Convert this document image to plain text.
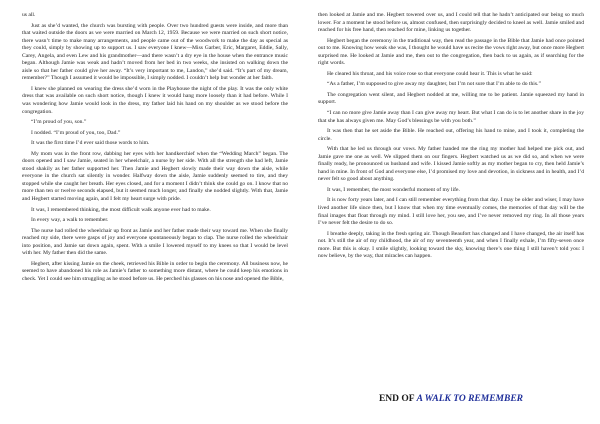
us all.

Just as she’d wanted, the church was bursting with people. Over two hundred guests were inside, and more than that waited outside the doors as we were married on March 12, 1959. Because we were married on such short notice, there wasn’t time to make many arrangements, and people came out of the woodwork to make the day as special as they could, simply by showing up to support us. I saw everyone I knew—Miss Garber, Eric, Margaret, Eddie, Sally, Carey, Angela, and even Lew and his grandmother—and there wasn’t a dry eye in the house when the entrance music began. Although Jamie was weak and hadn’t moved from her bed in two weeks, she insisted on walking down the aisle so that her father could give her away. “It’s very important to me, Landon,” she’d said. “It’s part of my dream, remember?” Though I assumed it would be impossible, I simply nodded. I couldn’t help but wonder at her faith.

I knew she planned on wearing the dress she’d worn in the Playhouse the night of the play. It was the only white dress that was available on such short notice, though I knew it would hang more loosely than it had before. While I was wondering how Jamie would look in the dress, my father laid his hand on my shoulder as we stood before the congregation.

“I’m proud of you, son.”

I nodded. “I’m proud of you, too, Dad.”

It was the first time I’d ever said those words to him.

My mom was in the front row, dabbing her eyes with her handkerchief when the “Wedding March” began. The doors opened and I saw Jamie, seated in her wheelchair, a nurse by her side. With all the strength she had left, Jamie stood shakily as her father supported her. Then Jamie and Hegbert slowly made their way down the aisle, while everyone in the church sat silently in wonder. Halfway down the aisle, Jamie suddenly seemed to tire, and they stopped while she caught her breath. Her eyes closed, and for a moment I didn’t think she could go on. I know that no more than ten or twelve seconds elapsed, but it seemed much longer, and finally she nodded slightly. With that, Jamie and Hegbert started moving again, and I felt my heart surge with pride.

It was, I remembered thinking, the most difficult walk anyone ever had to make.

In every way, a walk to remember.

The nurse had rolled the wheelchair up front as Jamie and her father made their way toward me. When she finally reached my side, there were gasps of joy and everyone spontaneously began to clap. The nurse rolled the wheelchair into position, and Jamie sat down again, spent. With a smile I lowered myself to my knees so that I would be level with her. My father then did the same.

Hegbert, after kissing Jamie on the cheek, retrieved his Bible in order to begin the ceremony. All business now, he seemed to have abandoned his role as Jamie’s father to something more distant, where he could keep his emotions in check. Yet I could see him struggling as he stood before us. He perched his glasses on his nose and opened the Bible,

then looked at Jamie and me. Hegbert towered over us, and I could tell that he hadn’t anticipated our being so much lower. For a moment he stood before us, almost confused, then surprisingly decided to kneel as well. Jamie smiled and reached for his free hand, then reached for mine, linking us together.

Hegbert began the ceremony in the traditional way, then read the passage in the Bible that Jamie had once pointed out to me. Knowing how weak she was, I thought he would have us recite the vows right away, but once more Hegbert surprised me. He looked at Jamie and me, then out to the congregation, then back to us again, as if searching for the right words.

He cleared his throat, and his voice rose so that everyone could hear it. This is what he said:

“As a father, I’m supposed to give away my daughter, but I’m not sure that I’m able to do this.”

The congregation went silent, and Hegbert nodded at me, willing me to be patient. Jamie squeezed my hand in support.

“I can no more give Jamie away than I can give away my heart. But what I can do is to let another share in the joy that she has always given me. May God’s blessings be with you both.”

It was then that he set aside the Bible. He reached out, offering his hand to mine, and I took it, completing the circle.

With that he led us through our vows. My father handed me the ring my mother had helped me pick out, and Jamie gave me one as well. We slipped them on our fingers. Hegbert watched us as we did so, and when we were finally ready, he pronounced us husband and wife. I kissed Jamie softly as my mother began to cry, then held Jamie’s hand in mine. In front of God and everyone else, I’d promised my love and devotion, in sickness and in health, and I’d never felt so good about anything.

It was, I remember, the most wonderful moment of my life.

It is now forty years later, and I can still remember everything from that day. I may be older and wiser, I may have lived another life since then, but I know that when my time eventually comes, the memories of that day will be the final images that float through my mind. I still love her, you see, and I’ve never removed my ring. In all those years I’ve never felt the desire to do so.

I breathe deeply, taking in the fresh spring air. Though Beaufort has changed and I have changed, the air itself has not. It’s still the air of my childhood, the air of my seventeenth year, and when I finally exhale, I’m fifty-seven once more. But this is okay. I smile slightly, looking toward the sky, knowing there’s one thing I still haven’t told you: I now believe, by the way, that miracles can happen.

END OF A WALK TO REMEMBER
